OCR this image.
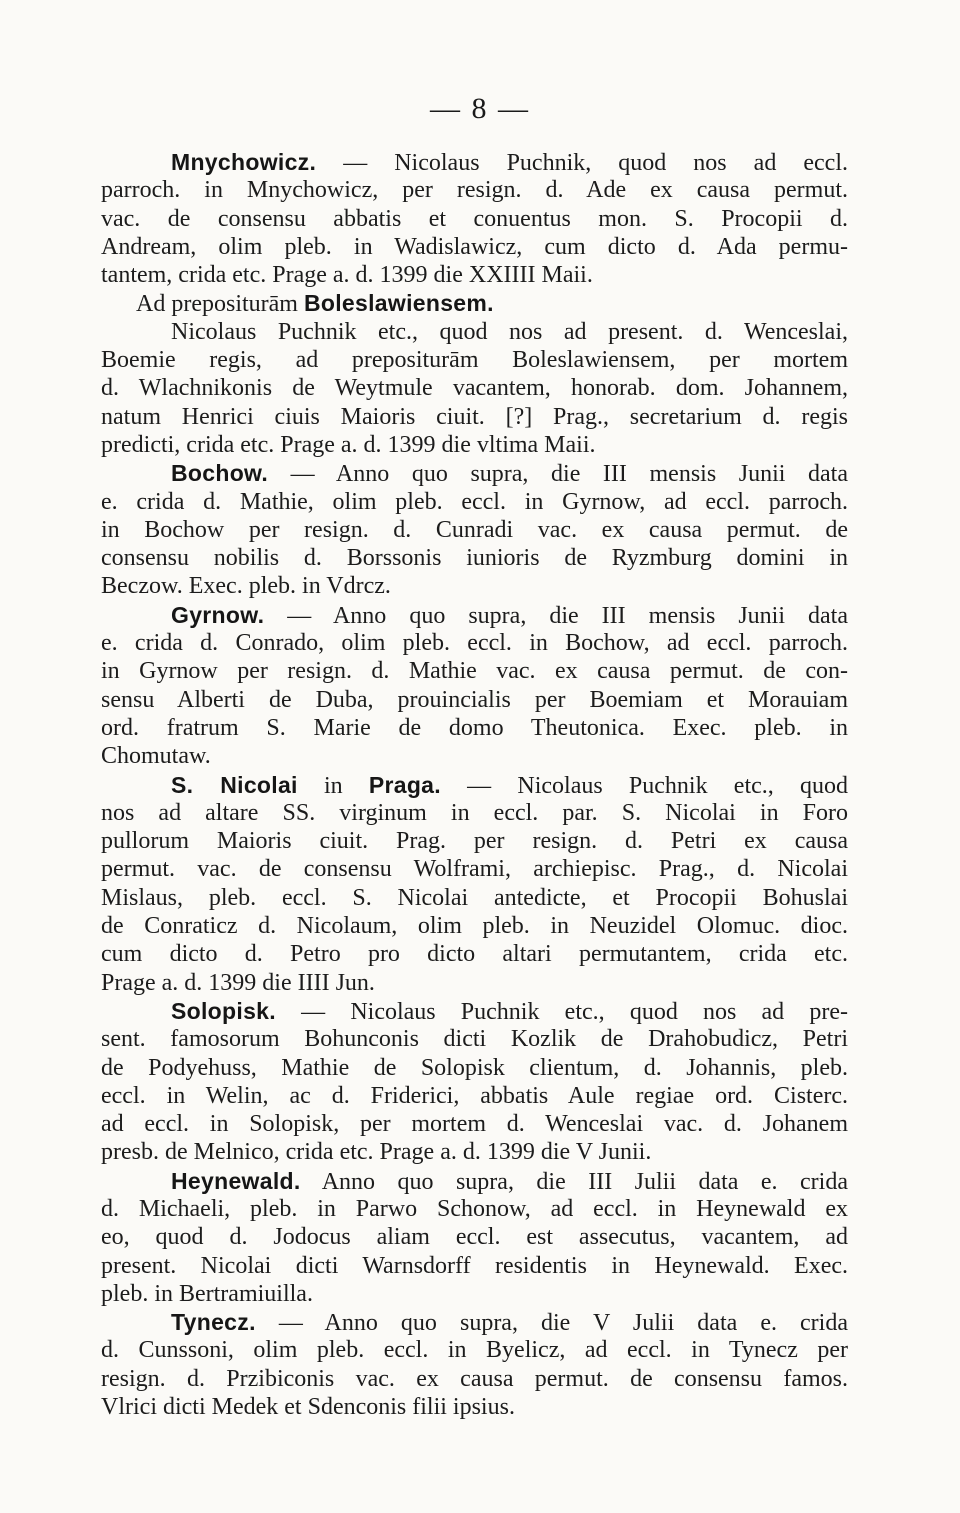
— 8 —
Mnychowicz. — Nicolaus Puchnik, quod nos ad eccl.
parroch. in Mnychowicz, per resign. d. Ade ex causa permut.
vac. de consensu abbatis et conuentus mon. S. Procopii d.
Andream, olim pleb. in Wadislawicz, cum dicto d. Ada permu-
tantem, crida etc. Prage a. d. 1399 die XXIIII Maii.
Ad prepositurām Boleslawiensem.
Nicolaus Puchnik etc., quod nos ad present. d. Wenceslai,
Boemie regis, ad prepositurām Boleslawiensem, per mortem
d. Wlachnikonis de Weytmule vacantem, honorab. dom. Johannem,
natum Henrici ciuis Maioris ciuit. [?] Prag., secretarium d. regis
predicti, crida etc. Prage a. d. 1399 die vltima Maii.
Bochow. — Anno quo supra, die III mensis Junii data
e. crida d. Mathie, olim pleb. eccl. in Gyrnow, ad eccl. parroch.
in Bochow per resign. d. Cunradi vac. ex causa permut. de
consensu nobilis d. Borssonis iunioris de Ryzmburg domini in
Beczow. Exec. pleb. in Vdrcz.
Gyrnow. — Anno quo supra, die III mensis Junii data
e. crida d. Conrado, olim pleb. eccl. in Bochow, ad eccl. parroch.
in Gyrnow per resign. d. Mathie vac. ex causa permut. de con-
sensu Alberti de Duba, prouincialis per Boemiam et Morauiam
ord. fratrum S. Marie de domo Theutonica. Exec. pleb. in
Chomutaw.
S. Nicolai in Praga. — Nicolaus Puchnik etc., quod
nos ad altare SS. virginum in eccl. par. S. Nicolai in Foro
pullorum Maioris ciuit. Prag. per resign. d. Petri ex causa
permut. vac. de consensu Wolframi, archiepisc. Prag., d. Nicolai
Mislaus, pleb. eccl. S. Nicolai antedicte, et Procopii Bohuslai
de Conraticz d. Nicolaum, olim pleb. in Neuzidel Olomuc. dioc.
cum dicto d. Petro pro dicto altari permutantem, crida etc.
Prage a. d. 1399 die IIII Jun.
Solopisk. — Nicolaus Puchnik etc., quod nos ad pre-
sent. famosorum Bohunconis dicti Kozlik de Drahobudicz, Petri
de Podyehuss, Mathie de Solopisk clientum, d. Johannis, pleb.
eccl. in Welin, ac d. Friderici, abbatis Aule regiae ord. Cisterc.
ad eccl. in Solopisk, per mortem d. Wenceslai vac. d. Johanem
presb. de Melnico, crida etc. Prage a. d. 1399 die V Junii.
Heynewald. Anno quo supra, die III Julii data e. crida
d. Michaeli, pleb. in Parwo Schonow, ad eccl. in Heynewald ex
eo, quod d. Jodocus aliam eccl. est assecutus, vacantem, ad
present. Nicolai dicti Warnsdorff residentis in Heynewald. Exec.
pleb. in Bertramiuilla.
Tynecz. — Anno quo supra, die V Julii data e. crida
d. Cunssoni, olim pleb. eccl. in Byelicz, ad eccl. in Tynecz per
resign. d. Przibiconis vac. ex causa permut. de consensu famos.
Vlrici dicti Medek et Sdenconis filii ipsius.
